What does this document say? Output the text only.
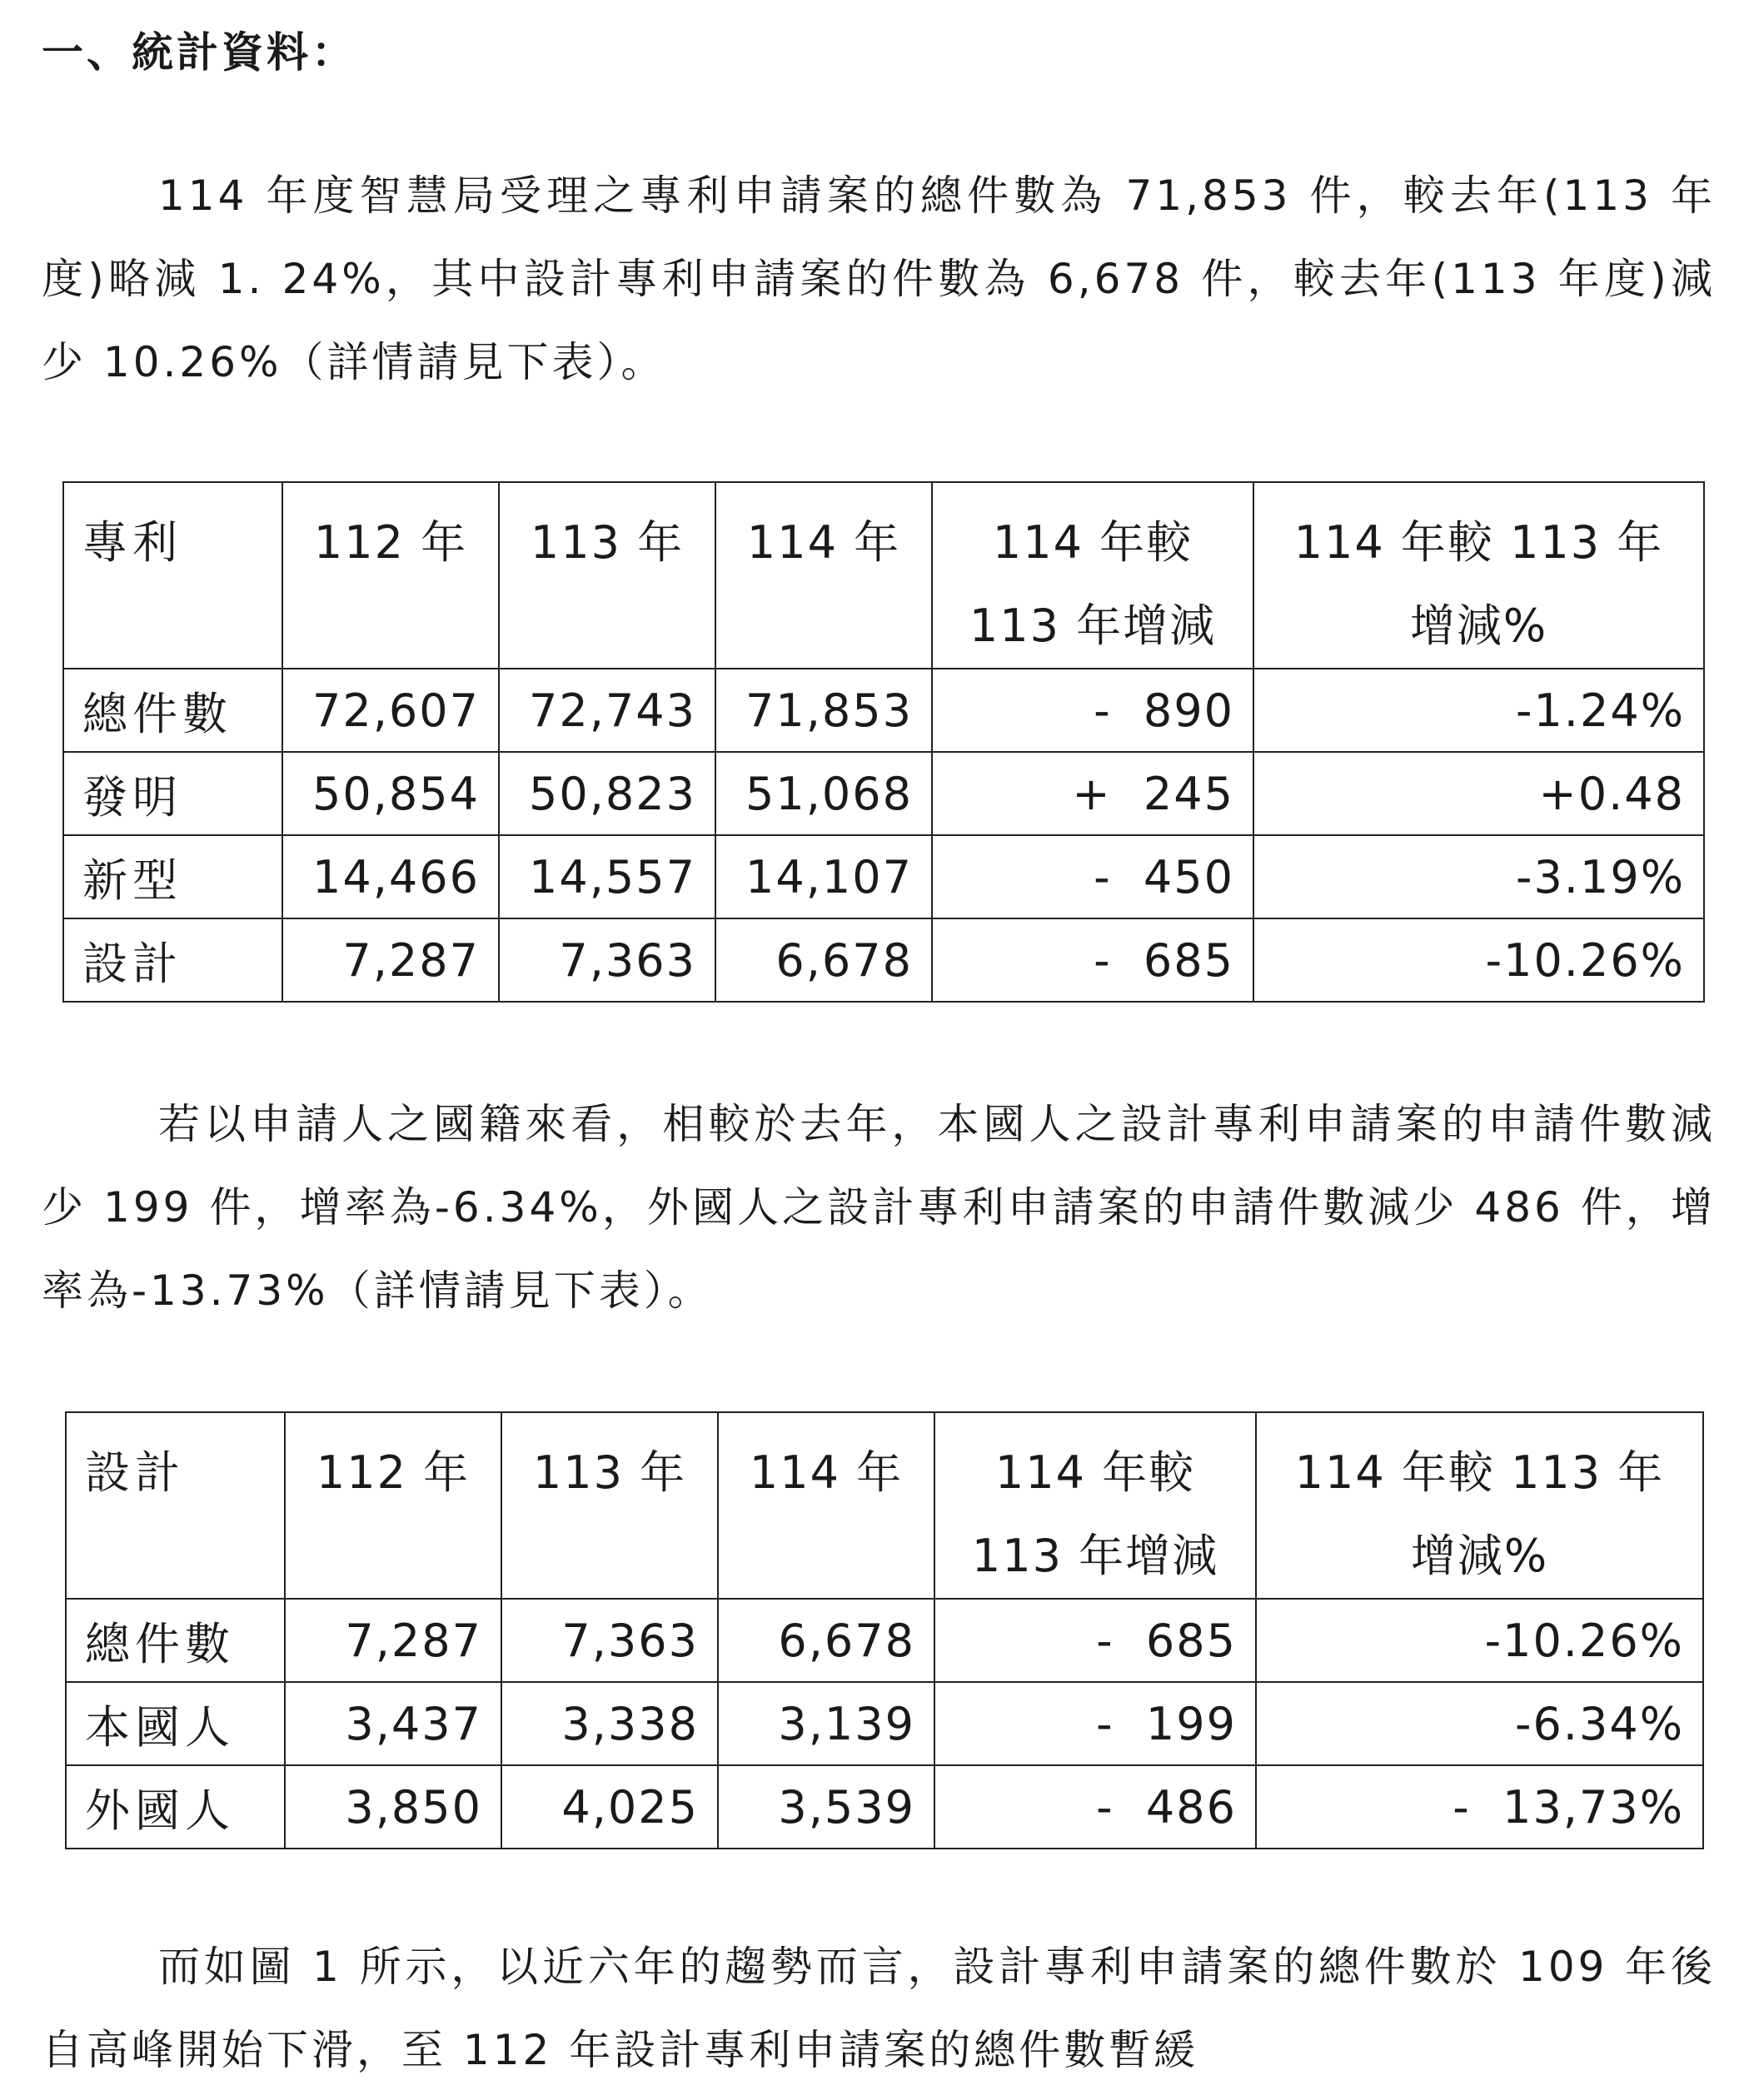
一、統計資料：

114 年度智慧局受理之專利申請案的總件數為 71,853 件，較去年(113 年度)略減 1. 24%，其中設計專利申請案的件數為 6,678 件，較去年(113 年度)減少 10.26%（詳情請見下表）。

專利	112 年	113 年	114 年	114 年較 113 年增減	114 年較 113 年增減%
總件數	72,607	72,743	71,853	-  890	-1.24%
發明	50,854	50,823	51,068	+  245	+0.48
新型	14,466	14,557	14,107	-  450	-3.19%
設計	7,287	7,363	6,678	-  685	-10.26%

若以申請人之國籍來看，相較於去年，本國人之設計專利申請案的申請件數減少 199 件，增率為-6.34%，外國人之設計專利申請案的申請件數減少 486 件，增率為-13.73%（詳情請見下表）。

設計	112 年	113 年	114 年	114 年較 113 年增減	114 年較 113 年增減%
總件數	7,287	7,363	6,678	-  685	-10.26%
本國人	3,437	3,338	3,139	-  199	-6.34%
外國人	3,850	4,025	3,539	-  486	-  13,73%

而如圖 1 所示，以近六年的趨勢而言，設計專利申請案的總件數於 109 年後自高峰開始下滑，至 112 年設計專利申請案的總件數暫緩
